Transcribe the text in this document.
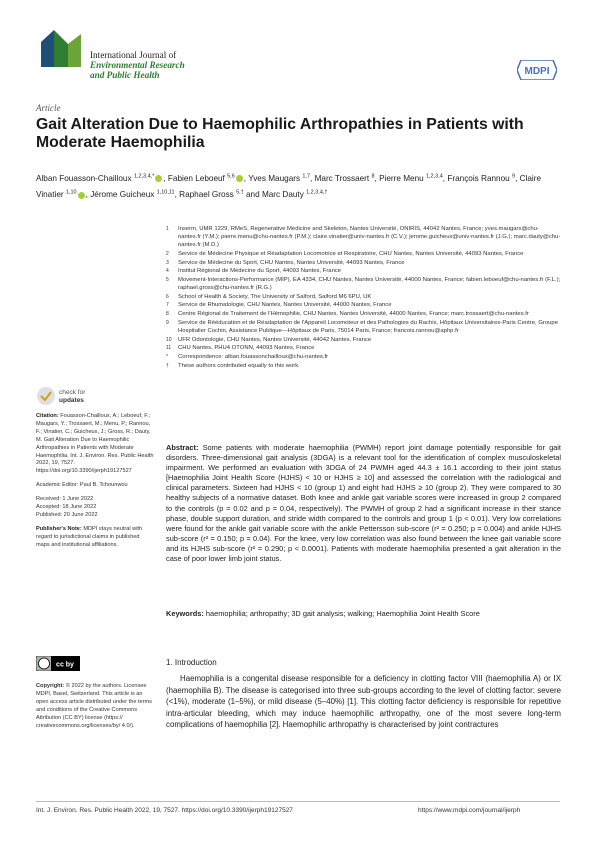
International Journal of
Environmental Research
and Public Health	MDPI
Article
Gait Alteration Due to Haemophilic Arthropathies in Patients with Moderate Haemophilia
Alban Fouasson-Chailloux $^{1,2,3,4,*}$ , Fabien Leboeuf $^{5,6}$ , Yves Maugars $^{1,7}$, Marc Trossaert $^8$, Pierre Menu $^{1,2,3,4}$, François Rannou $^9$, Claire Vinatier $^{1,10}$ , Jérome Guicheux $^{1,10,11}$, Raphael Gross $^{5,\dagger}$ and Marc Dauty $^{1,2,3,4,\dagger}$
1	Inserm, UMR 1229, RMeS, Regenerative Medicine and Skeleton, Nantes Université, ONIRIS, 44042 Nantes, France; yves.maugars@chu-nantes.fr (Y.M.); pierre.menu@chu-nantes.fr (P.M.); claire.vinatier@univ-nantes.fr (C.V.); jerome.guicheux@univ-nantes.fr (J.G.); marc.dauty@chu-nantes.fr (M.D.)
2	Service de Médecine Physique et Réadaptation Locomotrice et Respiratoire, CHU Nantes, Nantes Université, 44093 Nantes, France
3	Service de Médecine du Sport, CHU Nantes, Nantes Université, 44093 Nantes, France
4	Institut Régional de Médecine du Sport, 44093 Nantes, France
5	Movement-Interactions-Performance (MIP), EA 4334, CHU Nantes, Nantes Université, 44000 Nantes, France; fabien.leboeuf@chu-nantes.fr (F.L.); raphael.gross@chu-nantes.fr (R.G.)
6	School of Health & Society, The University of Salford, Salford M6 6PU, UK
7	Service de Rhumatologie, CHU Nantes, Nantes Université, 44000 Nantes, France
8	Centre Régional de Traitement de l'Hémophilie, CHU Nantes, Nantes Université, 44000 Nantes, France; marc.trossaert@chu-nantes.fr
9	Service de Rééducation et de Réadaptation de l'Appareil Locomoteur et des Pathologies du Rachis, Hôpitaux Universitaires-Paris Centre, Groupe Hospitalier Cochin, Assistance Publique—Hôpitaux de Paris, 75014 Paris, France; francois.rannou@aphp.fr
10	UFR Odontologie, CHU Nantes, Nantes Université, 44042 Nantes, France
11	CHU Nantes, PHU4 OTONN, 44093 Nantes, France
*	Correspondence: alban.fouassonchailloux@chu-nantes.fr
†	These authors contributed equally to this work.
check for
updates

Citation: Fouasson-Chailloux, A.; Leboeuf, F.; Maugars, Y.; Trossaert, M.; Menu, P.; Rannou, F.; Vinatier, C.; Guicheux, J.; Gross, R.; Dauty, M. Gait Alteration Due to Haemophilic Arthropathies in Patients with Moderate Haemophilia. Int. J. Environ. Res. Public Health 2022, 19, 7527. https://doi.org/10.3390/ijerph19127527

Academic Editor: Paul B. Tchounwou

Received: 1 June 2022

Accepted: 18 June 2022

Published: 20 June 2022

Publisher's Note: MDPI stays neutral with regard to jurisdictional claims in published maps and institutional affiliations.

cc by
Copyright: © 2022 by the authors. Licensee MDPI, Basel, Switzerland. This article is an open access article distributed under the terms and conditions of the Creative Commons Attribution (CC BY) license (https:// creativecommons.org/licenses/by/ 4.0/).
Abstract: Some patients with moderate haemophilia (PWMH) report joint damage potentially responsible for gait disorders. Three-dimensional gait analysis (3DGA) is a relevant tool for the identification of complex musculoskeletal impairment. We performed an evaluation with 3DGA of 24 PWMH aged 44.3 ± 16.1 according to their joint status [Haemophilia Joint Health Score (HJHS) < 10 or HJHS ≥ 10] and assessed the correlation with the radiological and clinical parameters. Sixteen had HJHS < 10 (group 1) and eight had HJHS ≥ 10 (group 2). They were compared to 30 healthy subjects of a normative dataset. Both knee and ankle gait variable scores were increased in group 2 compared to the controls (p = 0.02 and p = 0.04, respectively). The PWMH of group 2 had a significant increase in their stance phase, double support duration, and stride width compared to the controls and group 1 (p < 0.01). Very low correlations were found for the ankle gait variable score with the ankle Pettersson sub-score (r² = 0.250; p = 0.004) and ankle HJHS sub-score (r² = 0.150; p = 0.04). For the knee, very low correlation was also found between the knee gait variable score and its HJHS sub-score (r² = 0.290; p < 0.0001). Patients with moderate haemophilia presented a gait alteration in the case of poor lower limb joint status.
Keywords: haemophilia; arthropathy; 3D gait analysis; walking; Haemophilia Joint Health Score
1. Introduction
Haemophilia is a congenital disease responsible for a deficiency in clotting factor VIII (haemophilia A) or IX (haemophilia B). The disease is categorised into three sub-groups according to the level of clotting factor: severe (<1%), moderate (1–5%), or mild disease (5–40%) [1]. This clotting factor deficiency is responsible for repetitive intra-articular bleeding, which may induce haemophilic arthropathy, one of the most severe long-term complications of haemophilia [2]. Haemophilic arthropathy is characterised by joint contractures
Int. J. Environ. Res. Public Health 2022, 19, 7527. https://doi.org/10.3390/ijerph19127527	https://www.mdpi.com/journal/ijerph
